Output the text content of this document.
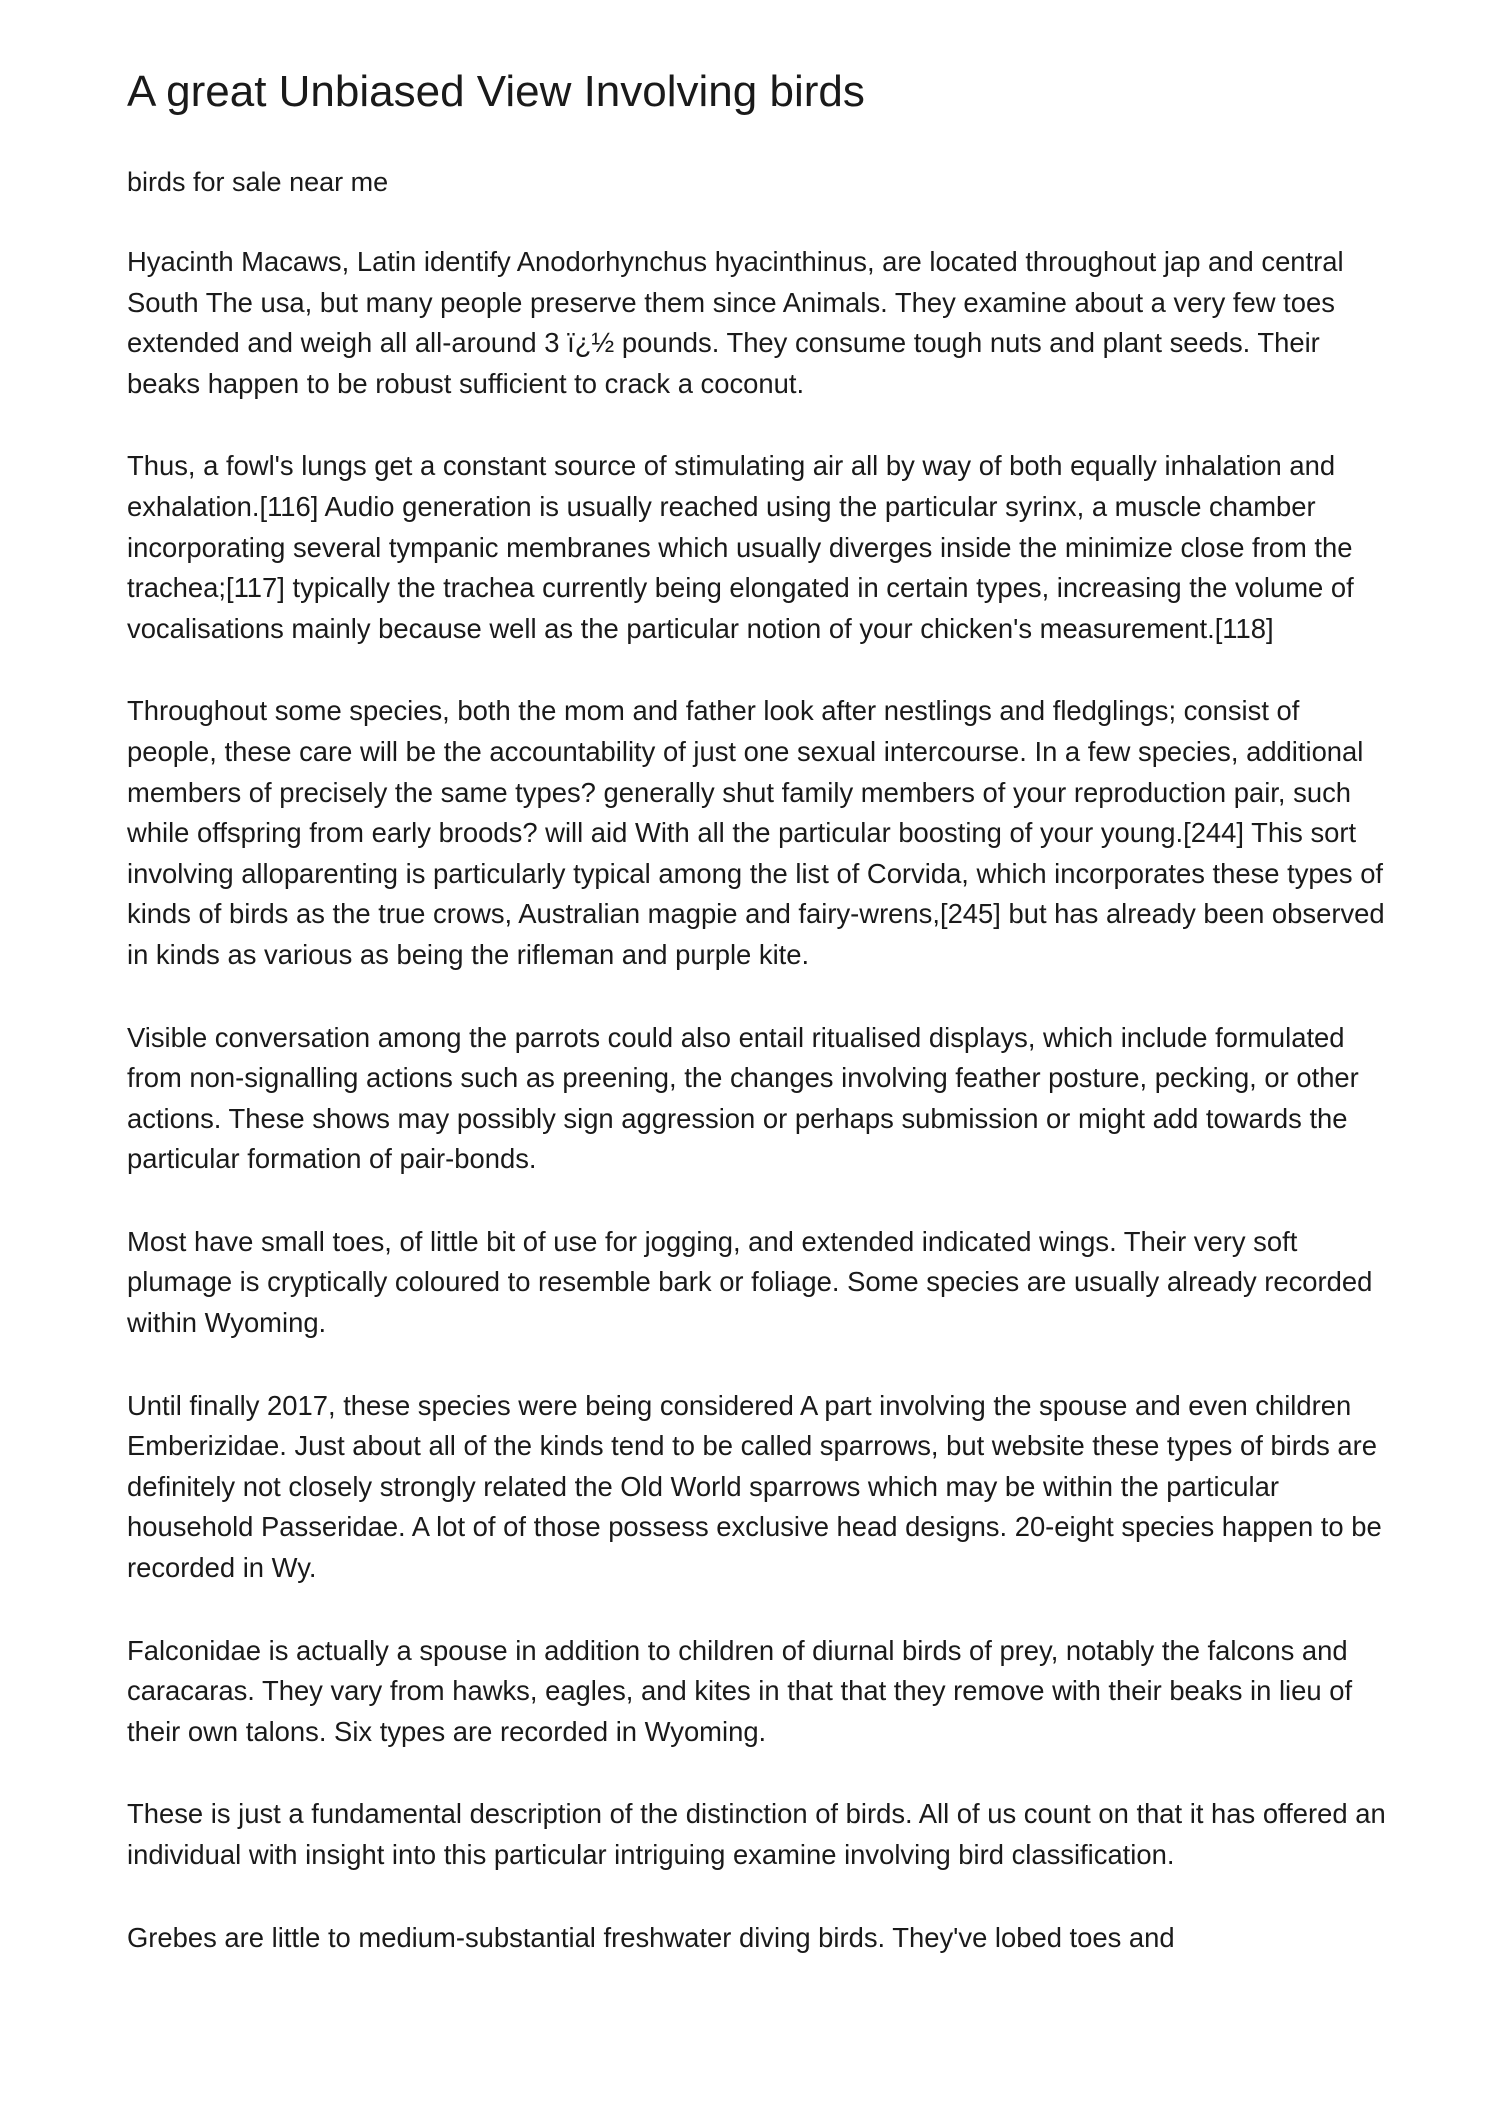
A great Unbiased View Involving birds

birds for sale near me

Hyacinth Macaws, Latin identify Anodorhynchus hyacinthinus, are located throughout jap and central South The usa, but many people preserve them since Animals. They examine about a very few toes extended and weigh all all-around 3 ï¿½ pounds. They consume tough nuts and plant seeds. Their beaks happen to be robust sufficient to crack a coconut.

Thus, a fowl's lungs get a constant source of stimulating air all by way of both equally inhalation and exhalation.[116] Audio generation is usually reached using the particular syrinx, a muscle chamber incorporating several tympanic membranes which usually diverges inside the minimize close from the trachea;[117] typically the trachea currently being elongated in certain types, increasing the volume of vocalisations mainly because well as the particular notion of your chicken's measurement.[118]

Throughout some species, both the mom and father look after nestlings and fledglings; consist of people, these care will be the accountability of just one sexual intercourse. In a few species, additional members of precisely the same types? generally shut family members of your reproduction pair, such while offspring from early broods? will aid With all the particular boosting of your young.[244] This sort involving alloparenting is particularly typical among the list of Corvida, which incorporates these types of kinds of birds as the true crows, Australian magpie and fairy-wrens,[245] but has already been observed in kinds as various as being the rifleman and purple kite.

Visible conversation among the parrots could also entail ritualised displays, which include formulated from non-signalling actions such as preening, the changes involving feather posture, pecking, or other actions. These shows may possibly sign aggression or perhaps submission or might add towards the particular formation of pair-bonds.

Most have small toes, of little bit of use for jogging, and extended indicated wings. Their very soft plumage is cryptically coloured to resemble bark or foliage. Some species are usually already recorded within Wyoming.

Until finally 2017, these species were being considered A part involving the spouse and even children Emberizidae. Just about all of the kinds tend to be called sparrows, but website these types of birds are definitely not closely strongly related the Old World sparrows which may be within the particular household Passeridae. A lot of of those possess exclusive head designs. 20-eight species happen to be recorded in Wy.

Falconidae is actually a spouse in addition to children of diurnal birds of prey, notably the falcons and caracaras. They vary from hawks, eagles, and kites in that that they remove with their beaks in lieu of their own talons. Six types are recorded in Wyoming.

These is just a fundamental description of the distinction of birds. All of us count on that it has offered an individual with insight into this particular intriguing examine involving bird classification.

Grebes are little to medium-substantial freshwater diving birds. They've lobed toes and
